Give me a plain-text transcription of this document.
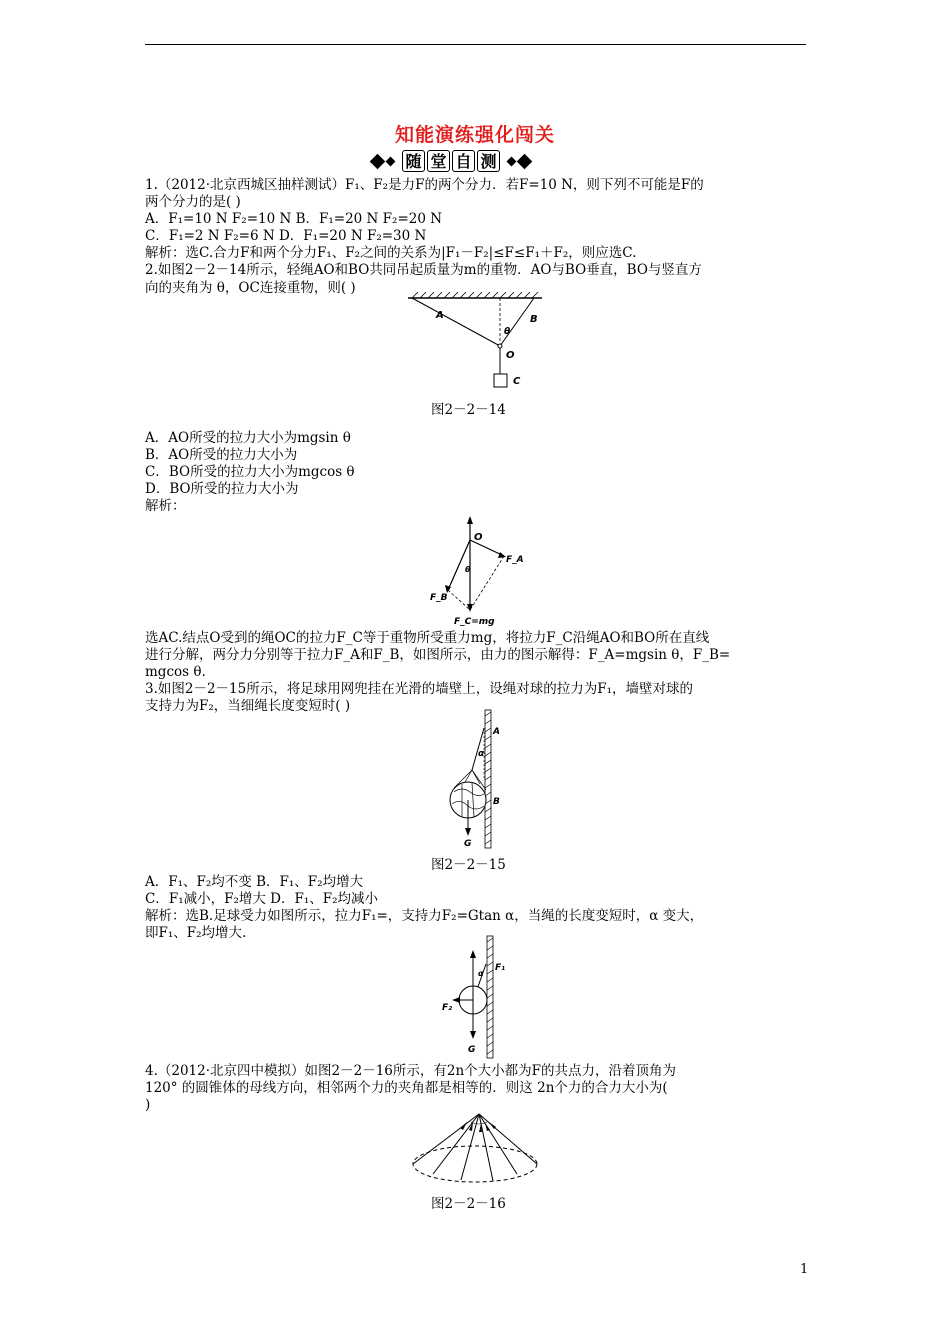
知能演练强化闯关
随 堂 自 测
1.（2012·北京西城区抽样测试）F₁、F₂是力F的两个分力．若F=10 N，则下列不可能是F的
两个分力的是( )
A．F₁=10 N F₂=10 N B．F₁=20 N F₂=20 N
C．F₁=2 N F₂=6 N D．F₁=20 N F₂=30 N
解析：选C.合力F和两个分力F₁、F₂之间的关系为|F₁－F₂|≤F≤F₁＋F₂，则应选C.
2.如图2－2－14所示，轻绳AO和BO共同吊起质量为m的重物．AO与BO垂直，BO与竖直方
向的夹角为 θ，OC连接重物，则( )
A	B
θ
O
C
图2－2－14
A．AO所受的拉力大小为mgsin θ
B．AO所受的拉力大小为
C．BO所受的拉力大小为mgcos θ
D．BO所受的拉力大小为
解析：
O
F_A
θ
F_B
F_C=mg
选AC.结点O受到的绳OC的拉力F_C等于重物所受重力mg，将拉力F_C沿绳AO和BO所在直线
进行分解，两分力分别等于拉力F_A和F_B，如图所示，由力的图示解得：F_A=mgsin θ，F_B=
mgcos θ.
3.如图2－2－15所示，将足球用网兜挂在光滑的墙壁上，设绳对球的拉力为F₁，墙壁对球的
支持力为F₂，当细绳长度变短时( )
A
α
B
G
图2－2－15
A．F₁、F₂均不变 B．F₁、F₂均增大
C．F₁减小，F₂增大 D．F₁、F₂均减小
解析：选B.足球受力如图所示，拉力F₁=，支持力F₂=Gtan α，当绳的长度变短时，α 变大，
即F₁、F₂均增大.
F₁
α
F₂
G
4.（2012·北京四中模拟）如图2－2－16所示，有2n个大小都为F的共点力，沿着顶角为
120° 的圆锥体的母线方向，相邻两个力的夹角都是相等的．则这 2n个力的合力大小为(
)
图2－2－16
1
